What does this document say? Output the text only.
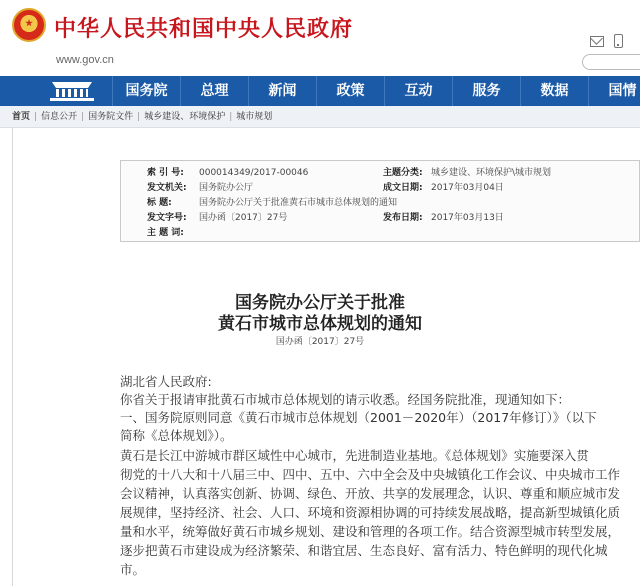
中华人民共和国中央人民政府
www.gov.cn
国务院	总理	新闻	政策	互动	服务	数据	国情
首页 | 信息公开 | 国务院文件 | 城乡建设、环境保护 | 城市规划
索 引 号: 000014349/2017-00046	主题分类: 城乡建设、环境保护\城市规划
发文机关: 国务院办公厅	成文日期: 2017年03月04日
标 题:	国务院办公厅关于批准黄石市城市总体规划的通知
发文字号: 国办函〔2017〕27号	发布日期: 2017年03月13日
主 题 词:
国务院办公厅关于批准
黄石市城市总体规划的通知
国办函〔2017〕27号
湖北省人民政府:
你省关于报请审批黄石市城市总体规划的请示收悉。经国务院批准，现通知如下：
一、国务院原则同意《黄石市城市总体规划（2001－2020年）（2017年修订）》（以下
简称《总体规划》）。
黄石是长江中游城市群区域性中心城市，先进制造业基地。《总体规划》实施要深入贯
彻党的十八大和十八届三中、四中、五中、六中全会及中央城镇化工作会议、中央城市工作
会议精神，认真落实创新、协调、绿色、开放、共享的发展理念，认识、尊重和顺应城市发
展规律，坚持经济、社会、人口、环境和资源相协调的可持续发展战略，提高新型城镇化质
量和水平，统筹做好黄石市城乡规划、建设和管理的各项工作。结合资源型城市转型发展，
逐步把黄石市建设成为经济繁荣、和谐宜居、生态良好、富有活力、特色鲜明的现代化城
市。
